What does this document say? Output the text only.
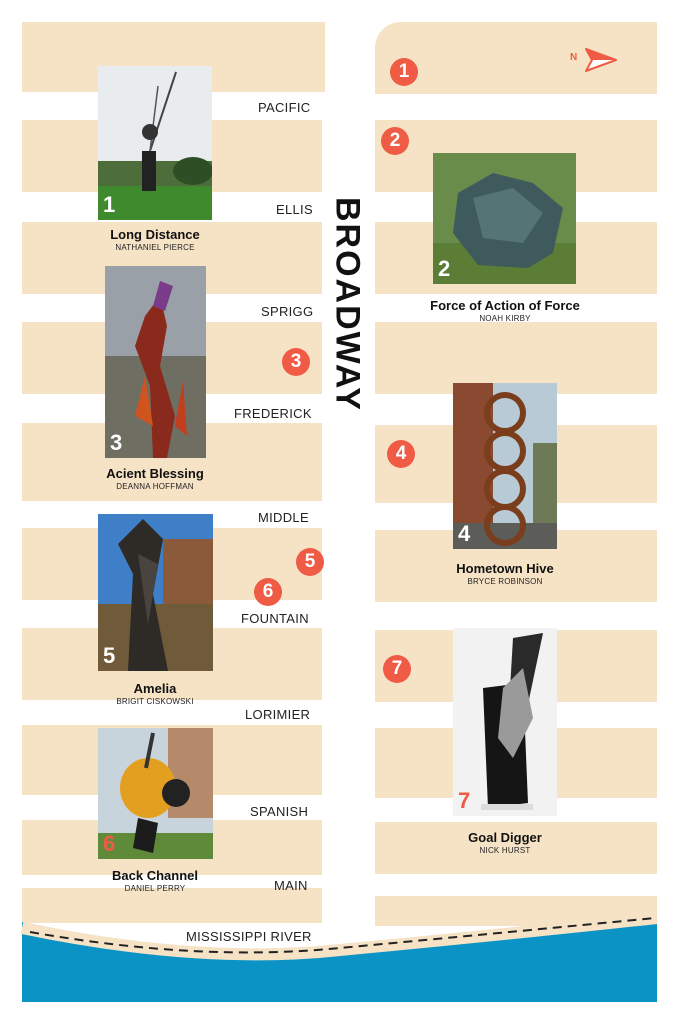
PACIFIC
ELLIS
SPRIGG
FREDERICK
MIDDLE
FOUNTAIN
LORIMIER
SPANISH
MAIN
MISSISSIPPI RIVER
BROADWAY
N
1
2
3
4
5
6
7
1
Long Distance
NATHANIEL PIERCE
2
Force of Action of Force
NOAH KIRBY
3
Acient Blessing
DEANNA HOFFMAN
4
Hometown Hive
BRYCE ROBINSON
5
Amelia
BRIGIT CISKOWSKI
6
Back Channel
DANIEL PERRY
7
Goal Digger
NICK HURST
